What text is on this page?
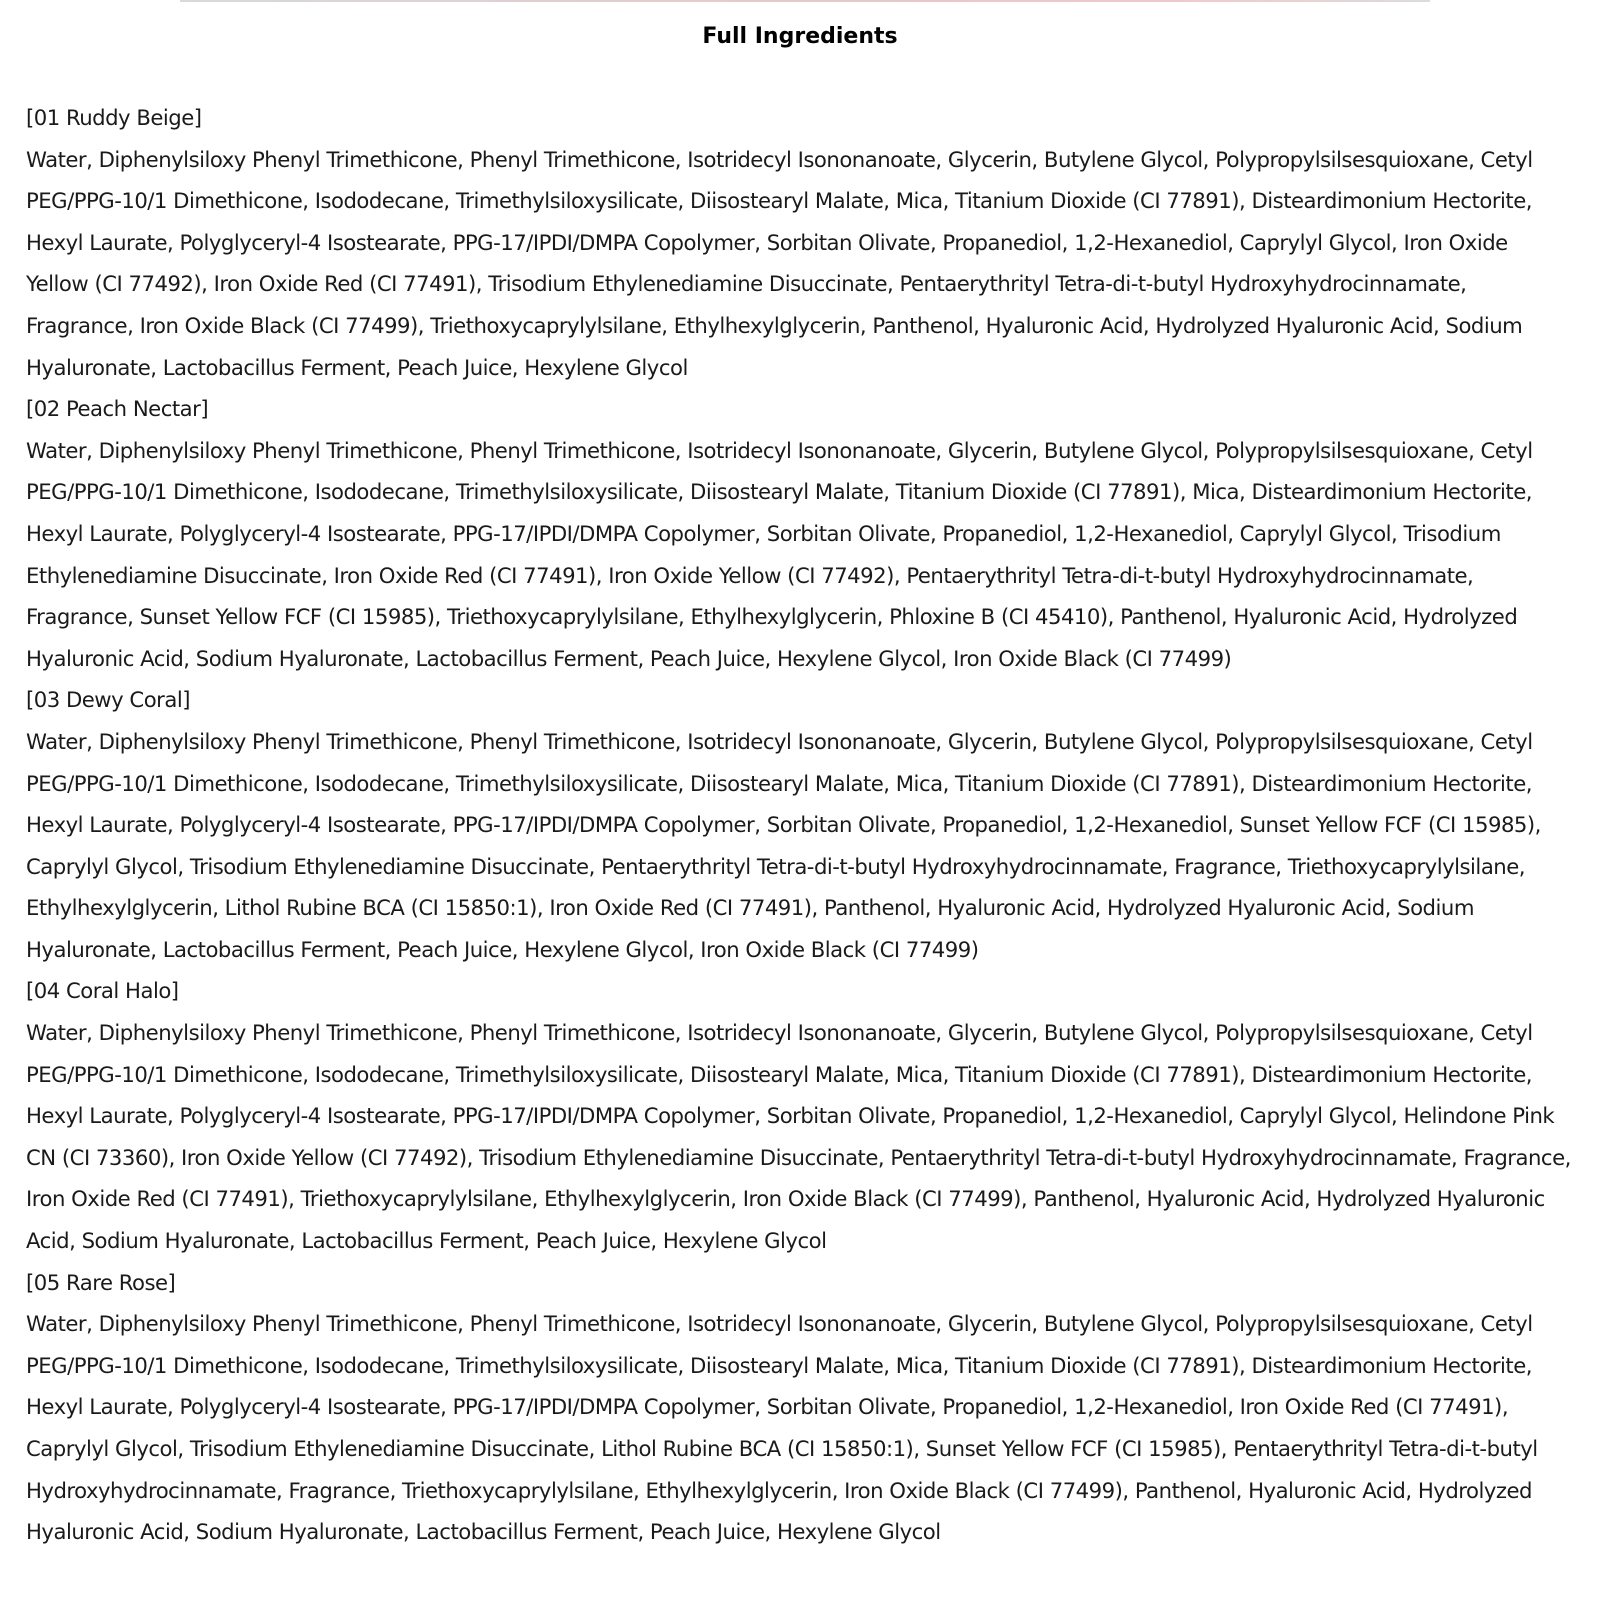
Full Ingredients

[01 Ruddy Beige]

Water, Diphenylsiloxy Phenyl Trimethicone, Phenyl Trimethicone, Isotridecyl Isononanoate, Glycerin, Butylene Glycol, Polypropylsilsesquioxane, Cetyl PEG/PPG-10/1 Dimethicone, Isododecane, Trimethylsiloxysilicate, Diisostearyl Malate, Mica, Titanium Dioxide (CI 77891), Disteardimonium Hectorite, Hexyl Laurate, Polyglyceryl-4 Isostearate, PPG-17/IPDI/DMPA Copolymer, Sorbitan Olivate, Propanediol, 1,2-Hexanediol, Caprylyl Glycol, Iron Oxide Yellow (CI 77492), Iron Oxide Red (CI 77491), Trisodium Ethylenediamine Disuccinate, Pentaerythrityl Tetra-di-t-butyl Hydroxyhydrocinnamate, Fragrance, Iron Oxide Black (CI 77499), Triethoxycaprylylsilane, Ethylhexylglycerin, Panthenol, Hyaluronic Acid, Hydrolyzed Hyaluronic Acid, Sodium Hyaluronate, Lactobacillus Ferment, Peach Juice, Hexylene Glycol

[02 Peach Nectar]

Water, Diphenylsiloxy Phenyl Trimethicone, Phenyl Trimethicone, Isotridecyl Isononanoate, Glycerin, Butylene Glycol, Polypropylsilsesquioxane, Cetyl PEG/PPG-10/1 Dimethicone, Isododecane, Trimethylsiloxysilicate, Diisostearyl Malate, Titanium Dioxide (CI 77891), Mica, Disteardimonium Hectorite, Hexyl Laurate, Polyglyceryl-4 Isostearate, PPG-17/IPDI/DMPA Copolymer, Sorbitan Olivate, Propanediol, 1,2-Hexanediol, Caprylyl Glycol, Trisodium Ethylenediamine Disuccinate, Iron Oxide Red (CI 77491), Iron Oxide Yellow (CI 77492), Pentaerythrityl Tetra-di-t-butyl Hydroxyhydrocinnamate, Fragrance, Sunset Yellow FCF (CI 15985), Triethoxycaprylylsilane, Ethylhexylglycerin, Phloxine B (CI 45410), Panthenol, Hyaluronic Acid, Hydrolyzed Hyaluronic Acid, Sodium Hyaluronate, Lactobacillus Ferment, Peach Juice, Hexylene Glycol, Iron Oxide Black (CI 77499)

[03 Dewy Coral]

Water, Diphenylsiloxy Phenyl Trimethicone, Phenyl Trimethicone, Isotridecyl Isononanoate, Glycerin, Butylene Glycol, Polypropylsilsesquioxane, Cetyl PEG/PPG-10/1 Dimethicone, Isododecane, Trimethylsiloxysilicate, Diisostearyl Malate, Mica, Titanium Dioxide (CI 77891), Disteardimonium Hectorite, Hexyl Laurate, Polyglyceryl-4 Isostearate, PPG-17/IPDI/DMPA Copolymer, Sorbitan Olivate, Propanediol, 1,2-Hexanediol, Sunset Yellow FCF (CI 15985), Caprylyl Glycol, Trisodium Ethylenediamine Disuccinate, Pentaerythrityl Tetra-di-t-butyl Hydroxyhydrocinnamate, Fragrance, Triethoxycaprylylsilane, Ethylhexylglycerin, Lithol Rubine BCA (CI 15850:1), Iron Oxide Red (CI 77491), Panthenol, Hyaluronic Acid, Hydrolyzed Hyaluronic Acid, Sodium Hyaluronate, Lactobacillus Ferment, Peach Juice, Hexylene Glycol, Iron Oxide Black (CI 77499)

[04 Coral Halo]

Water, Diphenylsiloxy Phenyl Trimethicone, Phenyl Trimethicone, Isotridecyl Isononanoate, Glycerin, Butylene Glycol, Polypropylsilsesquioxane, Cetyl PEG/PPG-10/1 Dimethicone, Isododecane, Trimethylsiloxysilicate, Diisostearyl Malate, Mica, Titanium Dioxide (CI 77891), Disteardimonium Hectorite, Hexyl Laurate, Polyglyceryl-4 Isostearate, PPG-17/IPDI/DMPA Copolymer, Sorbitan Olivate, Propanediol, 1,2-Hexanediol, Caprylyl Glycol, Helindone Pink CN (CI 73360), Iron Oxide Yellow (CI 77492), Trisodium Ethylenediamine Disuccinate, Pentaerythrityl Tetra-di-t-butyl Hydroxyhydrocinnamate, Fragrance, Iron Oxide Red (CI 77491), Triethoxycaprylylsilane, Ethylhexylglycerin, Iron Oxide Black (CI 77499), Panthenol, Hyaluronic Acid, Hydrolyzed Hyaluronic Acid, Sodium Hyaluronate, Lactobacillus Ferment, Peach Juice, Hexylene Glycol

[05 Rare Rose]

Water, Diphenylsiloxy Phenyl Trimethicone, Phenyl Trimethicone, Isotridecyl Isononanoate, Glycerin, Butylene Glycol, Polypropylsilsesquioxane, Cetyl PEG/PPG-10/1 Dimethicone, Isododecane, Trimethylsiloxysilicate, Diisostearyl Malate, Mica, Titanium Dioxide (CI 77891), Disteardimonium Hectorite, Hexyl Laurate, Polyglyceryl-4 Isostearate, PPG-17/IPDI/DMPA Copolymer, Sorbitan Olivate, Propanediol, 1,2-Hexanediol, Iron Oxide Red (CI 77491), Caprylyl Glycol, Trisodium Ethylenediamine Disuccinate, Lithol Rubine BCA (CI 15850:1), Sunset Yellow FCF (CI 15985), Pentaerythrityl Tetra-di-t-butyl Hydroxyhydrocinnamate, Fragrance, Triethoxycaprylylsilane, Ethylhexylglycerin, Iron Oxide Black (CI 77499), Panthenol, Hyaluronic Acid, Hydrolyzed Hyaluronic Acid, Sodium Hyaluronate, Lactobacillus Ferment, Peach Juice, Hexylene Glycol
